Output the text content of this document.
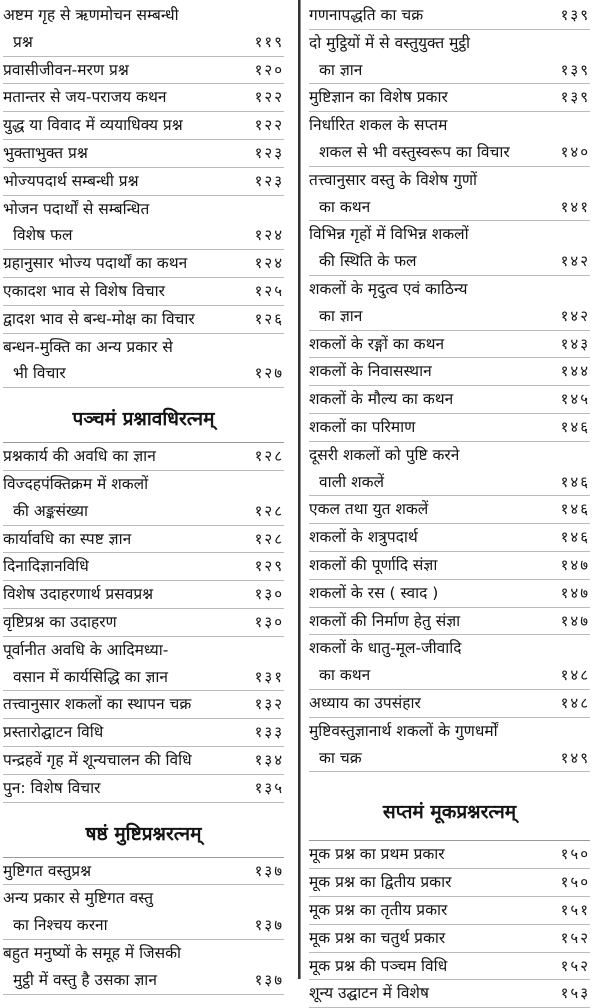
अष्टम गृह से ऋणमोचन सम्बन्धी
प्रश्न	११९
प्रवासीजीवन-मरण प्रश्न	१२०
मतान्तर से जय-पराजय कथन	१२२
युद्ध या विवाद में व्ययाधिक्य प्रश्न	१२२
भुक्ताभुक्त प्रश्न	१२३
भोज्यपदार्थ सम्बन्धी प्रश्न	१२३
भोजन पदार्थों से सम्बन्धित
विशेष फल	१२४
ग्रहानुसार भोज्य पदार्थों का कथन	१२४
एकादश भाव से विशेष विचार	१२५
द्वादश भाव से बन्ध-मोक्ष का विचार	१२६
बन्धन-मुक्ति का अन्य प्रकार से
भी विचार	१२७
पञ्चमं प्रश्नावधिरत्नम्
प्रश्नकार्य की अवधि का ज्ञान	१२८
विज्दहपंक्तिक्रम में शकलों
की अङ्कसंख्या	१२८
कार्यावधि का स्पष्ट ज्ञान	१२८
दिनादिज्ञानविधि	१२९
विशेष उदाहरणार्थ प्रसवप्रश्न	१३०
वृष्टिप्रश्न का उदाहरण	१३०
पूर्वानीत अवधि के आदिमध्या-
वसान में कार्यसिद्धि का ज्ञान	१३१
तत्त्वानुसार शकलों का स्थापन चक्र	१३२
प्रस्तारोद्घाटन विधि	१३३
पन्द्रहवें गृह में शून्यचालन की विधि	१३४
पुन: विशेष विचार	१३५
षष्ठं मुष्टिप्रश्नरत्नम्
मुष्टिगत वस्तुप्रश्न	१३७
अन्य प्रकार से मुष्टिगत वस्तु
का निश्चय करना	१३७
बहुत मनुष्यों के समूह में जिसकी
मुट्ठी में वस्तु है उसका ज्ञान	१३७
गणनापद्धति का चक्र	१३९
दो मुट्ठियों में से वस्तुयुक्त मुट्ठी
का ज्ञान	१३९
मुष्टिज्ञान का विशेष प्रकार	१३९
निर्धारित शकल के सप्तम
शकल से भी वस्तुस्वरूप का विचार	१४०
तत्त्वानुसार वस्तु के विशेष गुणों
का कथन	१४१
विभिन्न गृहों में विभिन्न शकलों
की स्थिति के फल	१४२
शकलों के मृदुत्व एवं काठिन्य
का ज्ञान	१४२
शकलों के रङ्गों का कथन	१४३
शकलों के निवासस्थान	१४४
शकलों के मौल्य का कथन	१४५
शकलों का परिमाण	१४६
दूसरी शकलों को पुष्टि करने
वाली शकलें	१४६
एकल तथा युत शकलें	१४६
शकलों के शत्रुपदार्थ	१४६
शकलों की पूर्णादि संज्ञा	१४७
शकलों के रस ( स्वाद )	१४७
शकलों की निर्माण हेतु संज्ञा	१४७
शकलों के धातु-मूल-जीवादि
का कथन	१४८
अध्याय का उपसंहार	१४८
मुष्टिवस्तुज्ञानार्थ शकलों के गुणधर्मों
का चक्र	१४९
सप्तमं मूकप्रश्नरत्नम्
मूक प्रश्न का प्रथम प्रकार	१५०
मूक प्रश्न का द्वितीय प्रकार	१५०
मूक प्रश्न का तृतीय प्रकार	१५१
मूक प्रश्न का चतुर्थ प्रकार	१५२
मूक प्रश्न की पञ्चम विधि	१५२
शून्य उद्घाटन में विशेष	१५३
